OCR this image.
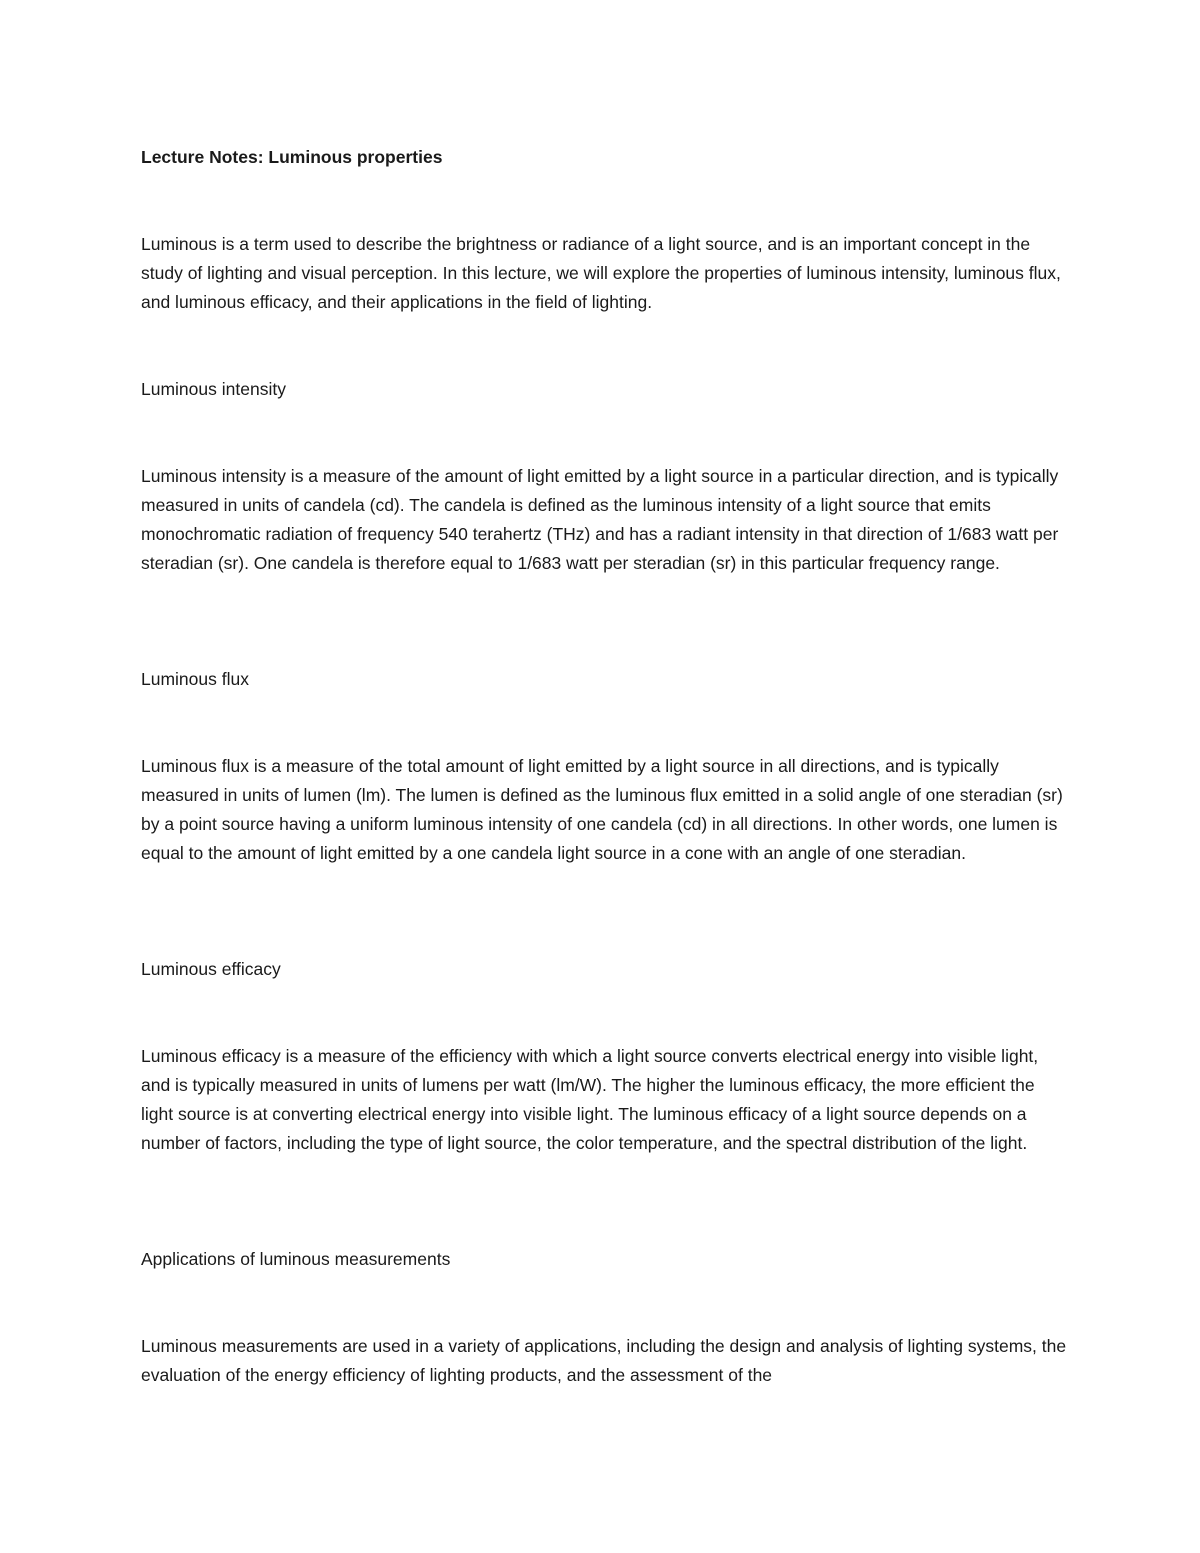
Lecture Notes: Luminous properties

Luminous is a term used to describe the brightness or radiance of a light source, and is an important concept in the study of lighting and visual perception. In this lecture, we will explore the properties of luminous intensity, luminous flux, and luminous efficacy, and their applications in the field of lighting.

Luminous intensity

Luminous intensity is a measure of the amount of light emitted by a light source in a particular direction, and is typically measured in units of candela (cd). The candela is defined as the luminous intensity of a light source that emits monochromatic radiation of frequency 540 terahertz (THz) and has a radiant intensity in that direction of 1/683 watt per steradian (sr). One candela is therefore equal to 1/683 watt per steradian (sr) in this particular frequency range.

Luminous flux

Luminous flux is a measure of the total amount of light emitted by a light source in all directions, and is typically measured in units of lumen (lm). The lumen is defined as the luminous flux emitted in a solid angle of one steradian (sr) by a point source having a uniform luminous intensity of one candela (cd) in all directions. In other words, one lumen is equal to the amount of light emitted by a one candela light source in a cone with an angle of one steradian.

Luminous efficacy

Luminous efficacy is a measure of the efficiency with which a light source converts electrical energy into visible light, and is typically measured in units of lumens per watt (lm/W). The higher the luminous efficacy, the more efficient the light source is at converting electrical energy into visible light. The luminous efficacy of a light source depends on a number of factors, including the type of light source, the color temperature, and the spectral distribution of the light.

Applications of luminous measurements

Luminous measurements are used in a variety of applications, including the design and analysis of lighting systems, the evaluation of the energy efficiency of lighting products, and the assessment of the
